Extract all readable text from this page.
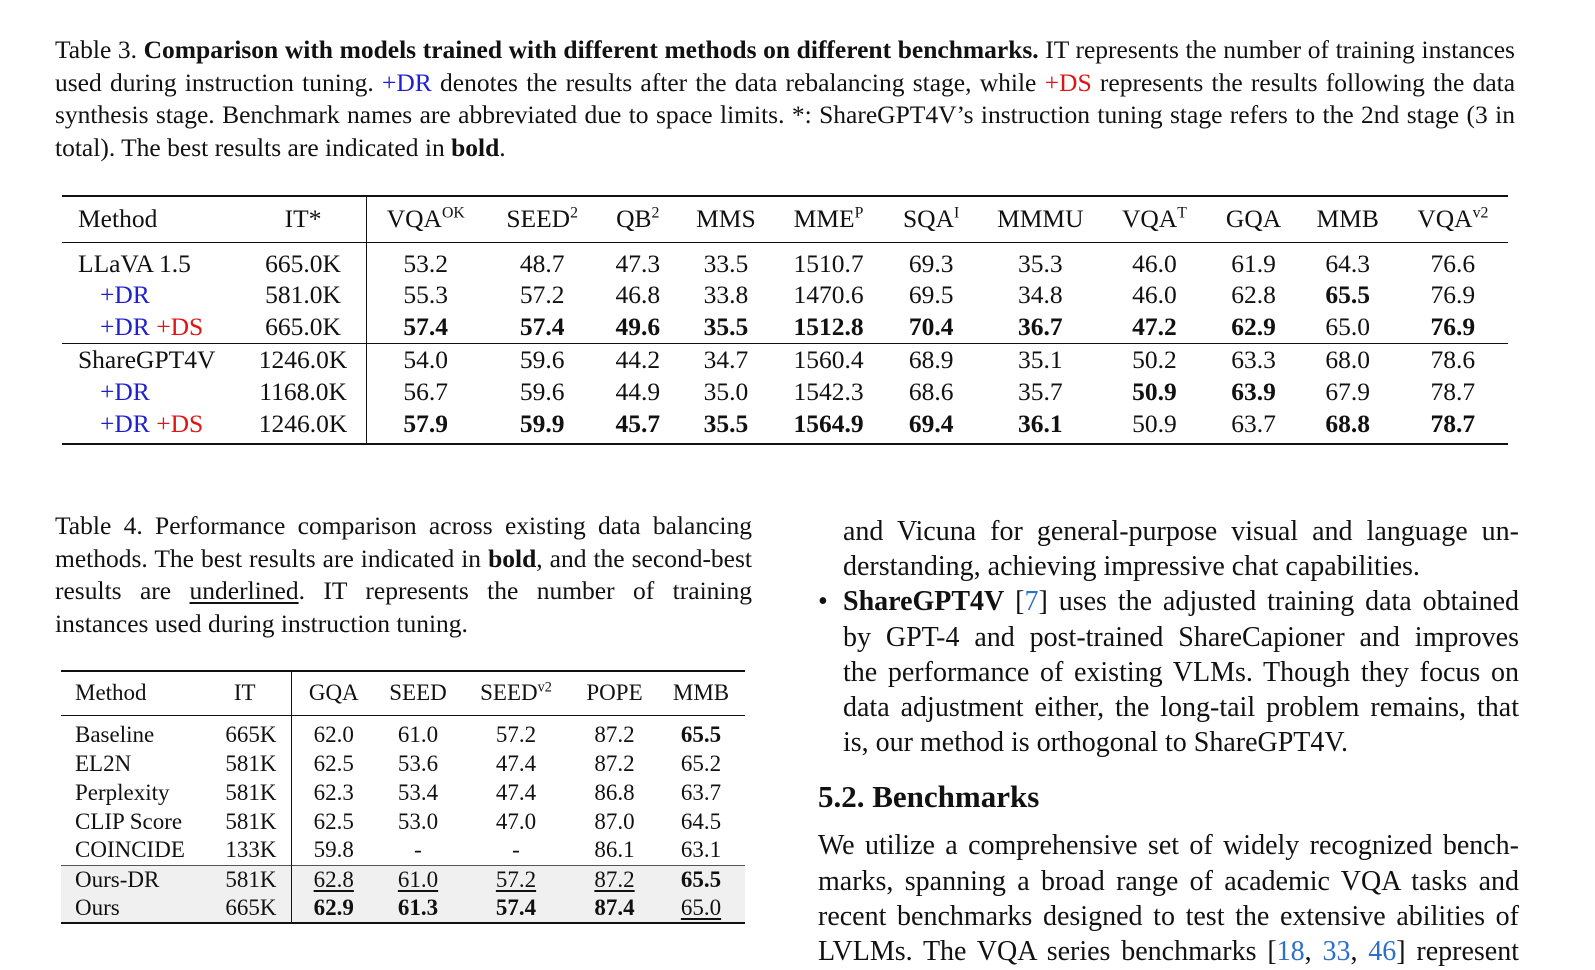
Table 3. Comparison with models trained with different methods on different benchmarks. IT represents the number of training instances used during instruction tuning. +DR denotes the results after the data rebalancing stage, while +DS represents the results following the data synthesis stage. Benchmark names are abbreviated due to space limits. *: ShareGPT4V’s instruction tuning stage refers to the 2nd stage (3 in total). The best results are indicated in bold.
Method	IT*	$VQA^{OK}$	SEED$^2$	$QB^2$	MMS	$MME^P$	$SQA^I$	MMMU	$VQA^T$	GQA	MMB	$VQA^{v2}$
LLaVA 1.5	665.0K	53.2	48.7	47.3	33.5	1510.7	69.3	35.3	46.0	61.9	64.3	76.6
+DR	581.0K	55.3	57.2	46.8	33.8	1470.6	69.5	34.8	46.0	62.8	65.5	76.9
+DR +DS	665.0K	57.4	57.4	49.6	35.5	1512.8	70.4	36.7	47.2	62.9	65.0	76.9
ShareGPT4V	1246.0K	54.0	59.6	44.2	34.7	1560.4	68.9	35.1	50.2	63.3	68.0	78.6
+DR	1168.0K	56.7	59.6	44.9	35.0	1542.3	68.6	35.7	50.9	63.9	67.9	78.7
+DR +DS	1246.0K	57.9	59.9	45.7	35.5	1564.9	69.4	36.1	50.9	63.7	68.8	78.7
Table 4. Performance comparison across existing data balancing methods. The best results are indicated in bold, and the second-best results are underlined. IT represents the number of training instances used during instruction tuning.
Method	IT	GQA	SEED	$SEED^{v2}$	POPE	MMB
Baseline	665K	62.0	61.0	57.2	87.2	65.5
EL2N	581K	62.5	53.6	47.4	87.2	65.2
Perplexity	581K	62.3	53.4	47.4	86.8	63.7
CLIP Score	581K	62.5	53.0	47.0	87.0	64.5
COINCIDE	133K	59.8	-	-	86.1	63.1
Ours-DR	581K	62.8	61.0	57.2	87.2	65.5
Ours	665K	62.9	61.3	57.4	87.4	65.0
and Vicuna for general-purpose visual and language un-
derstanding, achieving impressive chat capabilities.
• ShareGPT4V [7] uses the adjusted training data obtained
by GPT-4 and post-trained ShareCapioner and improves
the performance of existing VLMs. Though they focus on
data adjustment either, the long-tail problem remains, that
is, our method is orthogonal to ShareGPT4V.
5.2. Benchmarks
We utilize a comprehensive set of widely recognized bench-
marks, spanning a broad range of academic VQA tasks and
recent benchmarks designed to test the extensive abilities of
LVLMs. The VQA series benchmarks [18, 33, 46] represent
